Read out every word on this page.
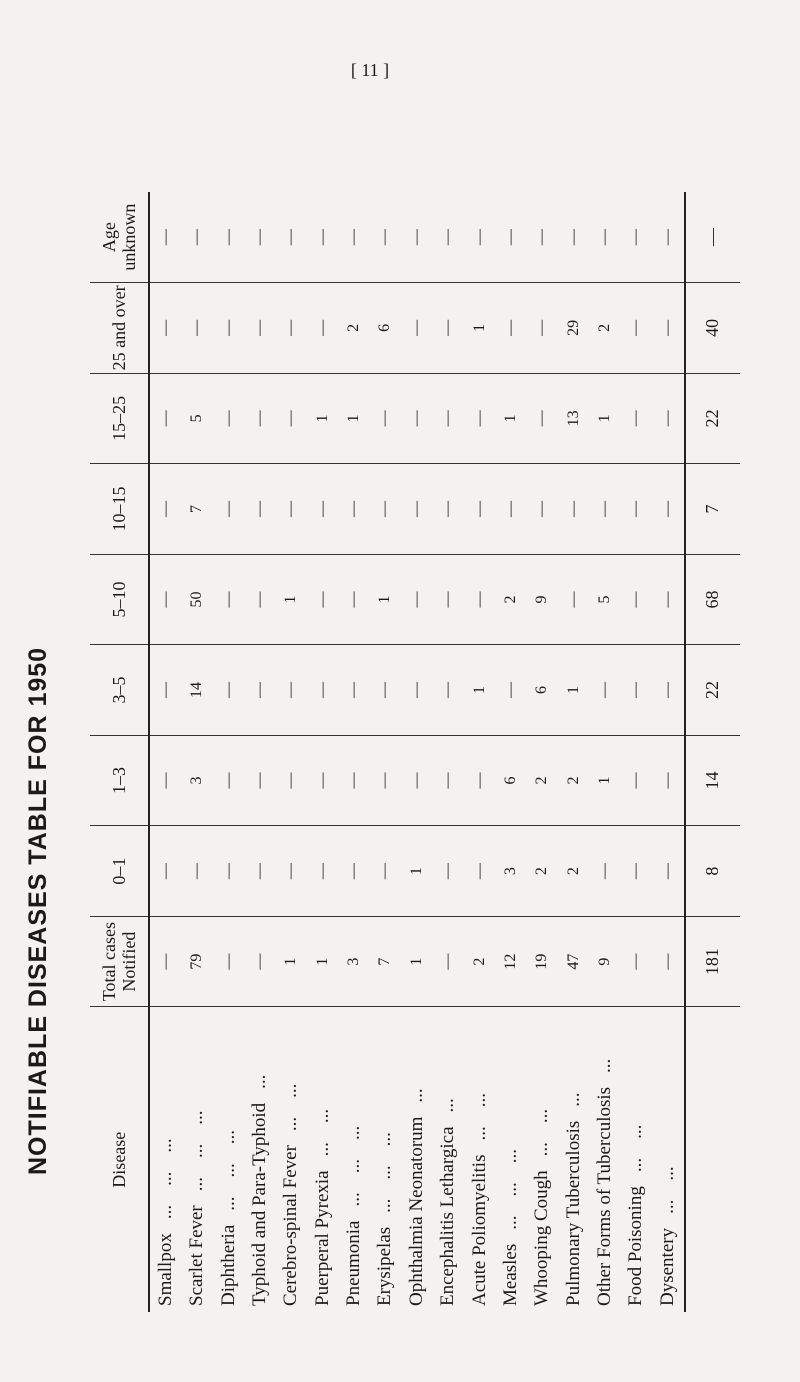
[ 11 ]
NOTIFIABLE DISEASES TABLE FOR 1950	Disease	Total cases Notified	0–1	1–3	3–5	5–10	10–15	15–25	25 and over	Age unknown
Smallpox...    ...    ...	—	—	—	—	—	—	—	—	—
Scarlet Fever...    ...    ...	79	—	3	14	50	7	5	—	—
Diphtheria...    ...    ...	—	—	—	—	—	—	—	—	—
Typhoid and Para-Typhoid...	—	—	—	—	—	—	—	—	—
Cerebro-spinal Fever...    ...	1	—	—	—	1	—	—	—	—
Puerperal Pyrexia...    ...	1	—	—	—	—	—	1	—	—
Pneumonia...    ...    ...	3	—	—	—	—	—	1	2	—
Erysipelas...    ...    ...	7	—	—	—	1	—	—	6	—
Ophthalmia Neonatorum...	1	1	—	—	—	—	—	—	—
Encephalitis Lethargica...	—	—	—	—	—	—	—	—	—
Acute Poliomyelitis...    ...	2	—	—	1	—	—	—	1	—
Measles...    ...    ...	12	3	6	—	2	—	1	—	—
Whooping Cough...    ...	19	2	2	6	9	—	—	—	—
Pulmonary Tuberculosis...	47	2	2	1	—	—	13	29	—
Other Forms of Tuberculosis...	9	—	1	—	5	—	1	2	—
Food Poisoning...    ...	—	—	—	—	—	—	—	—	—
Dysentery...    ...	—	—	—	—	—	—	—	—	—
	181	8	14	22	68	7	22	40	—
